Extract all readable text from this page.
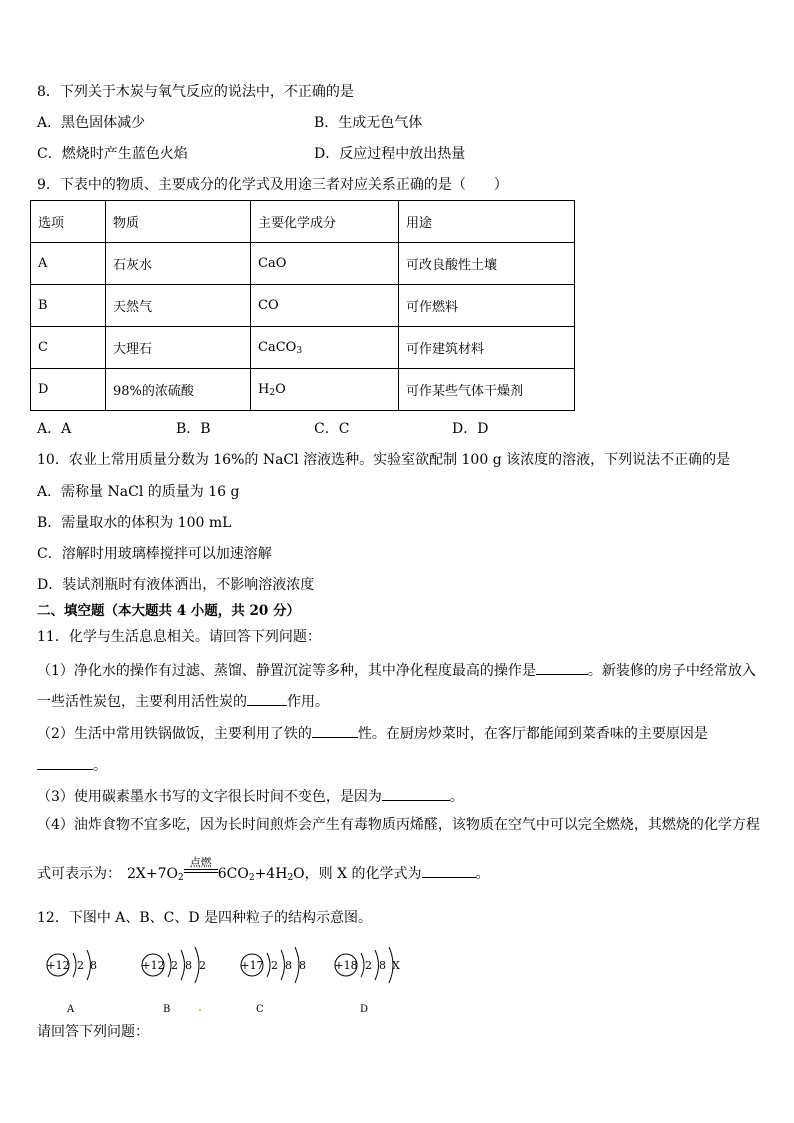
8．下列关于木炭与氧气反应的说法中，不正确的是
A．黑色固体减少	B．生成无色气体
C．燃烧时产生蓝色火焰	D．反应过程中放出热量
9．下表中的物质、主要成分的化学式及用途三者对应关系正确的是（　　）
选项	物质	主要化学成分	用途
A	石灰水	CaO	可改良酸性土壤
B	天然气	CO	可作燃料
C	大理石	CaCO$_3$	可作建筑材料
D	98%的浓硫酸	$H_2O$	可作某些气体干燥剂
A．A	B．B	C．C	D．D
10．农业上常用质量分数为 16%的 NaCl 溶液选种。实验室欲配制 100 g 该浓度的溶液，下列说法不正确的是
A．需称量 NaCl 的质量为 16 g
B．需量取水的体积为 100 mL
C．溶解时用玻璃棒搅拌可以加速溶解
D．装试剂瓶时有液体洒出，不影响溶液浓度
二、填空题（本大题共 4 小题，共 20 分）
11．化学与生活息息相关。请回答下列问题：
（1）净化水的操作有过滤、蒸馏、静置沉淀等多种，其中净化程度最高的操作是	。新装修的房子中经常放入
一些活性炭包，主要利用活性炭的	作用。
（2）生活中常用铁锅做饭，主要利用了铁的	性。在厨房炒菜时，在客厅都能闻到菜香味的主要原因是
。
（3）使用碳素墨水书写的文字很长时间不变色，是因为	。
（4）油炸食物不宜多吃，因为长时间煎炸会产生有毒物质丙烯醛，该物质在空气中可以完全燃烧，其燃烧的化学方程
式可表示为： $2X+7O_2$
点燃
$6CO_2+4H_2O$，则 X 的化学式为	。
12．下图中 A、B、C、D 是四种粒子的结构示意图。
+12 2 8
A
+12 2 8 2
B
+17 2 8 8
C
+18 2 8 X
D
请回答下列问题：
